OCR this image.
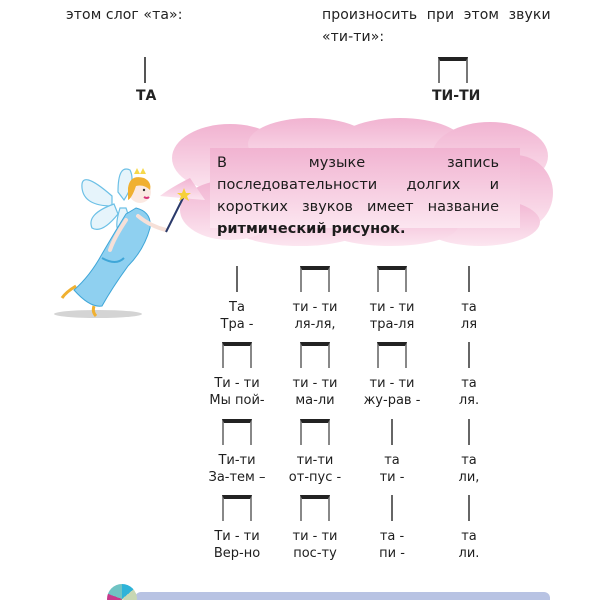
этом слог «та»:	произносить при этом звуки «ти-ти»:
ТА	ТИ-ТИ
В музыке запись последовательности долгих и коротких звуков имеет название ритмический рисунок.
Та
Тра -
ти - ти
ля-ля,
ти - ти
тра-ля
та
ля
Ти - ти
Мы пой-
ти - ти
ма-ли
ти - ти
жу-рав -
та
ля.
Ти-ти
За-тем –
ти-ти
от-пус -
та
ти -
та
ли,
Ти - ти
Вер-но
ти - ти
пос-ту
та -
пи -
та
ли.
